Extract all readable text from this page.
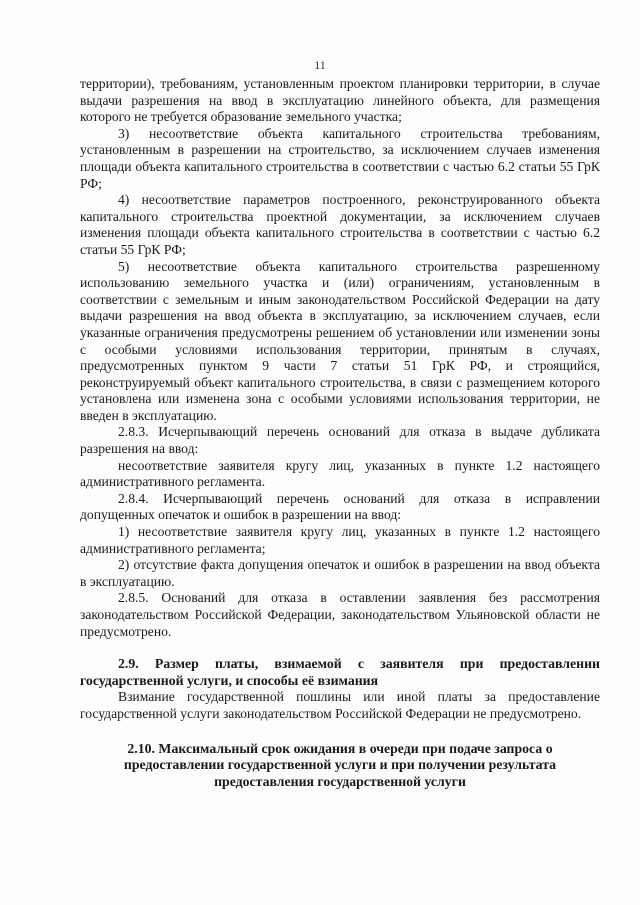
11

территории), требованиям, установленным проектом планировки территории, в случае выдачи разрешения на ввод в эксплуатацию линейного объекта, для размещения которого не требуется образование земельного участка;

3) несоответствие объекта капитального строительства требованиям, установленным в разрешении на строительство, за исключением случаев изменения площади объекта капитального строительства в соответствии с частью 6.2 статьи 55 ГрК РФ;

4) несоответствие параметров построенного, реконструированного объекта капитального строительства проектной документации, за исключением случаев изменения площади объекта капитального строительства в соответствии с частью 6.2 статьи 55 ГрК РФ;

5) несоответствие объекта капитального строительства разрешенному использованию земельного участка и (или) ограничениям, установленным в соответствии с земельным и иным законодательством Российской Федерации на дату выдачи разрешения на ввод объекта в эксплуатацию, за исключением случаев, если указанные ограничения предусмотрены решением об установлении или изменении зоны с особыми условиями использования территории, принятым в случаях, предусмотренных пунктом 9 части 7 статьи 51 ГрК РФ, и строящийся, реконструируемый объект капитального строительства, в связи с размещением которого установлена или изменена зона с особыми условиями использования территории, не введен в эксплуатацию.

2.8.3. Исчерпывающий перечень оснований для отказа в выдаче дубликата разрешения на ввод:

несоответствие заявителя кругу лиц, указанных в пункте 1.2 настоящего административного регламента.

2.8.4. Исчерпывающий перечень оснований для отказа в исправлении допущенных опечаток и ошибок в разрешении на ввод:

1) несоответствие заявителя кругу лиц, указанных в пункте 1.2 настоящего административного регламента;

2) отсутствие факта допущения опечаток и ошибок в разрешении на ввод объекта в эксплуатацию.

2.8.5. Оснований для отказа в оставлении заявления без рассмотрения законодательством Российской Федерации, законодательством Ульяновской области не предусмотрено.

2.9. Размер платы, взимаемой с заявителя при предоставлении государственной услуги, и способы её взимания

Взимание государственной пошлины или иной платы за предоставление государственной услуги законодательством Российской Федерации не предусмотрено.

2.10. Максимальный срок ожидания в очереди при подаче запроса о предоставлении государственной услуги и при получении результата предоставления государственной услуги
